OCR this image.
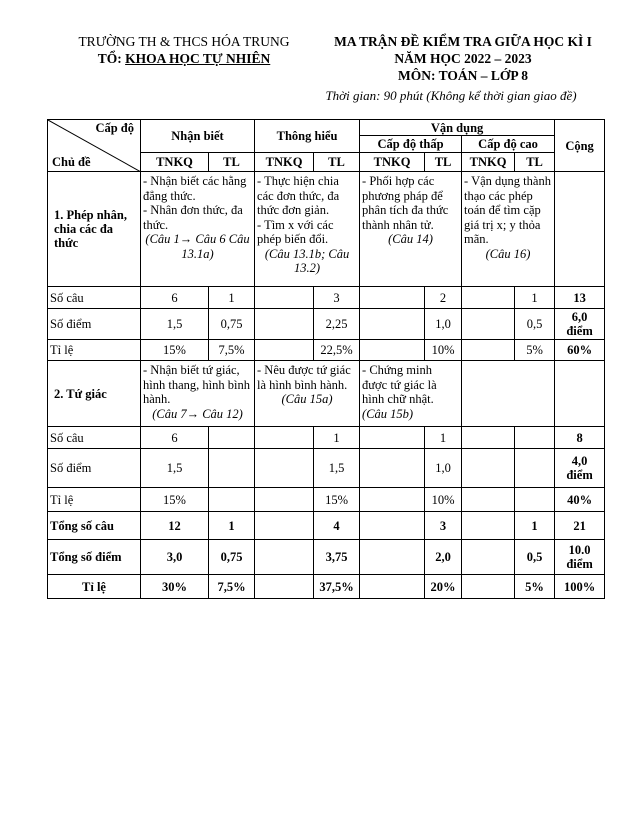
TRƯỜNG TH & THCS HÓA TRUNG
TỔ: KHOA HỌC TỰ NHIÊN
MA TRẬN ĐỀ KIỂM TRA GIỮA HỌC KÌ I
NĂM HỌC 2022 – 2023
MÔN: TOÁN – LỚP 8
Thời gian: 90 phút (Không kể thời gian giao đề)
Cấp độ
Chủ đề	Nhận biết		Thông hiểu		Vận dụng				Cộng
					Cấp độ thấp		Cấp độ cao		
	TNKQ	TL	TNKQ	TL	TNKQ	TL	TNKQ	TL	
1. Phép nhân, chia các đa thức	- Nhận biết các hằng đẳng thức.
- Nhân đơn thức, đa thức.
(Câu 1→ Câu 6 Câu 13.1a)		- Thực hiện chia các đơn thức, đa thức đơn giản.
- Tìm x với các phép biến đổi.
(Câu 13.1b; Câu 13.2)		- Phối hợp các phương pháp để phân tích đa thức thành nhân tử.
(Câu 14)		- Vận dụng thành thạo các phép toán để tìm cặp giá trị x; y thỏa mãn.
(Câu 16)		

Số câu	6	1		3		2		1	13
Số điểm	1,5	0,75		2,25		1,0		0,5	6,0 điểm
Tỉ lệ	15%	7,5%		22,5%		10%		5%	60%
2. Tứ giác	- Nhận biết tứ giác, hình thang, hình bình hành.
(Câu 7→ Câu 12)		- Nêu được tứ giác là hình bình hành.
(Câu 15a)		- Chứng minh được tứ giác là hình chữ nhật.
(Câu 15b)				

Số câu	6			1		1			8
Số điểm	1,5			1,5		1,0			4,0 điểm
Tỉ lệ	15%			15%		10%			40%
Tổng số câu	12	1		4		3		1	21
Tổng số điểm	3,0	0,75		3,75		2,0		0,5	10.0 điểm
Tỉ lệ	30%	7,5%		37,5%		20%		5%	100%
